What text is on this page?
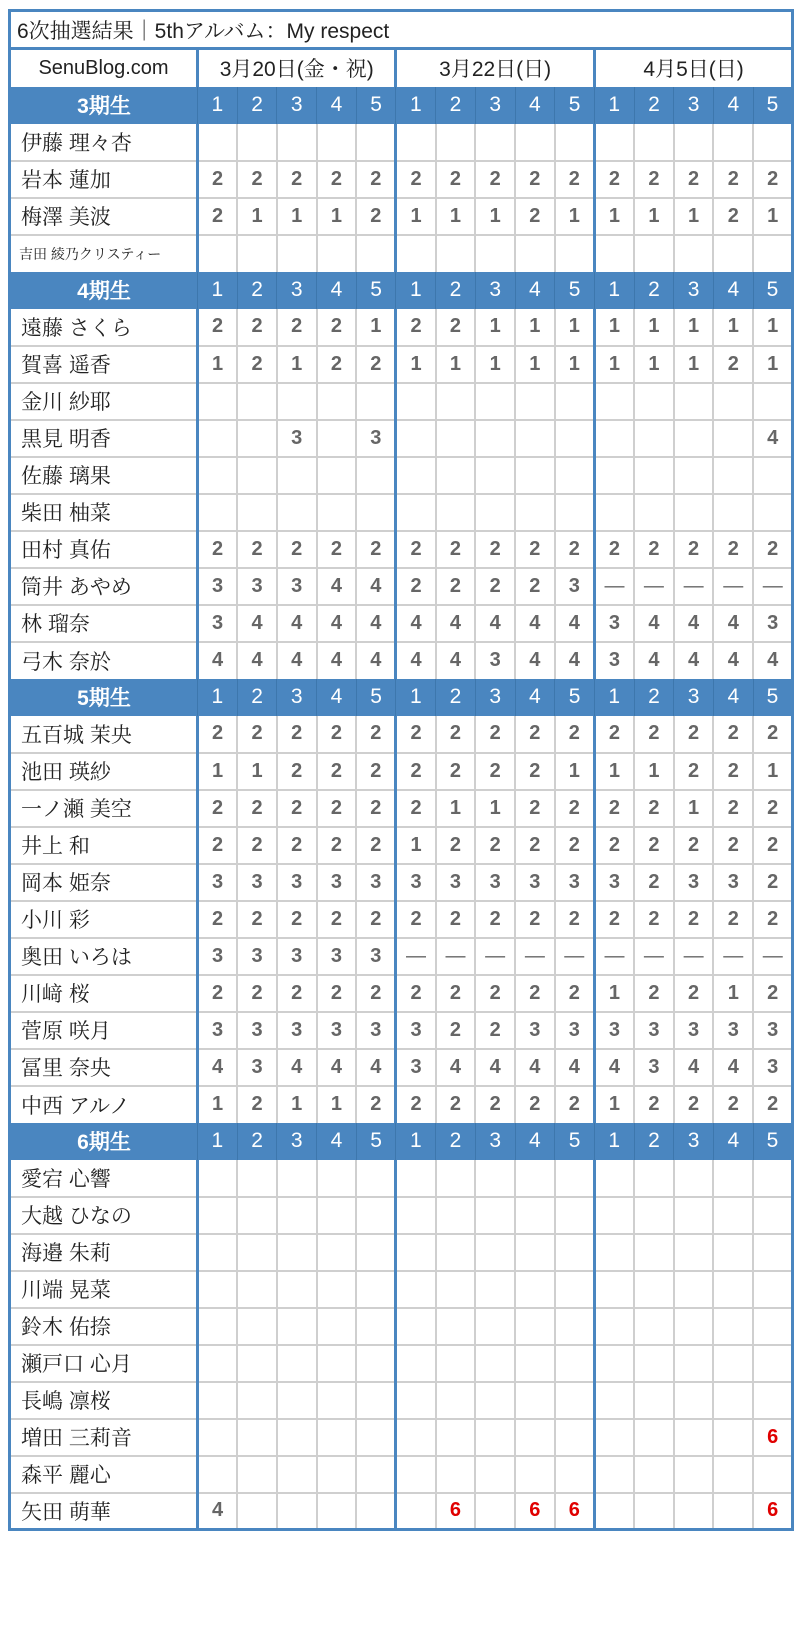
6次抽選結果｜5thアルバム：My respect															
SenuBlog.com	3月20日(金・祝)					3月22日(日)					4月5日(日)				
3期生	1	2	3	4	5	1	2	3	4	5	1	2	3	4	5
伊藤 理々杏															
岩本 蓮加	2	2	2	2	2	2	2	2	2	2	2	2	2	2	2
梅澤 美波	2	1	1	1	2	1	1	1	2	1	1	1	1	2	1
吉田 綾乃クリスティー															
4期生	1	2	3	4	5	1	2	3	4	5	1	2	3	4	5
遠藤 さくら	2	2	2	2	1	2	2	1	1	1	1	1	1	1	1
賀喜 遥香	1	2	1	2	2	1	1	1	1	1	1	1	1	2	1
金川 紗耶															
黒見 明香			3		3										4
佐藤 璃果															
柴田 柚菜															
田村 真佑	2	2	2	2	2	2	2	2	2	2	2	2	2	2	2
筒井 あやめ	3	3	3	4	4	2	2	2	2	3	—	—	—	—	—
林 瑠奈	3	4	4	4	4	4	4	4	4	4	3	4	4	4	3
弓木 奈於	4	4	4	4	4	4	4	3	4	4	3	4	4	4	4
5期生	1	2	3	4	5	1	2	3	4	5	1	2	3	4	5
五百城 茉央	2	2	2	2	2	2	2	2	2	2	2	2	2	2	2
池田 瑛紗	1	1	2	2	2	2	2	2	2	1	1	1	2	2	1
一ノ瀬 美空	2	2	2	2	2	2	1	1	2	2	2	2	1	2	2
井上 和	2	2	2	2	2	1	2	2	2	2	2	2	2	2	2
岡本 姫奈	3	3	3	3	3	3	3	3	3	3	3	2	3	3	2
小川 彩	2	2	2	2	2	2	2	2	2	2	2	2	2	2	2
奥田 いろは	3	3	3	3	3	—	—	—	—	—	—	—	—	—	—
川﨑 桜	2	2	2	2	2	2	2	2	2	2	1	2	2	1	2
菅原 咲月	3	3	3	3	3	3	2	2	3	3	3	3	3	3	3
冨里 奈央	4	3	4	4	4	3	4	4	4	4	4	3	4	4	3
中西 アルノ	1	2	1	1	2	2	2	2	2	2	1	2	2	2	2
6期生	1	2	3	4	5	1	2	3	4	5	1	2	3	4	5
愛宕 心響															
大越 ひなの															
海邉 朱莉															
川端 晃菜															
鈴木 佑捺															
瀬戸口 心月															
長嶋 凛桜															
増田 三莉音															6
森平 麗心															
矢田 萌華	4						6		6	6					6
